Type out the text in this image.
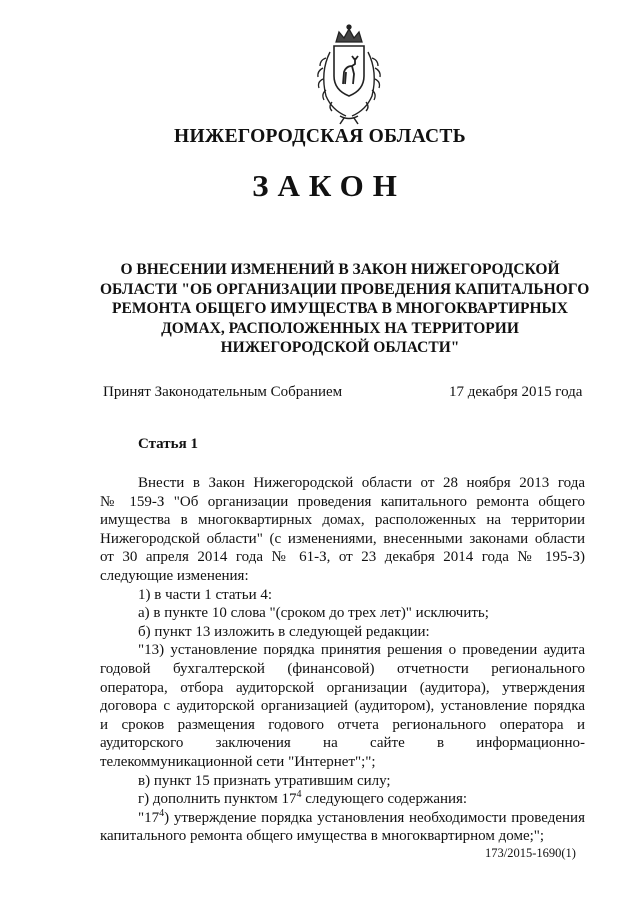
НИЖЕГОРОДСКАЯ ОБЛАСТЬ
ЗАКОН
О ВНЕСЕНИИ ИЗМЕНЕНИЙ В ЗАКОН НИЖЕГОРОДСКОЙ
ОБЛАСТИ "ОБ ОРГАНИЗАЦИИ ПРОВЕДЕНИЯ КАПИТАЛЬНОГО
РЕМОНТА ОБЩЕГО ИМУЩЕСТВА В МНОГОКВАРТИРНЫХ
ДОМАХ, РАСПОЛОЖЕННЫХ НА ТЕРРИТОРИИ
НИЖЕГОРОДСКОЙ ОБЛАСТИ"
Принят Законодательным Собранием	17 декабря 2015 года
Статья 1
Внести в Закон Нижегородской области от 28 ноября 2013 года
№ 159-З "Об организации проведения капитального ремонта общего
имущества в многоквартирных домах, расположенных на территории
Нижегородской области" (с изменениями, внесенными законами области
от 30 апреля 2014 года № 61-З, от 23 декабря 2014 года № 195-З)
следующие изменения:
1) в части 1 статьи 4:
а) в пункте 10 слова "(сроком до трех лет)" исключить;
б) пункт 13 изложить в следующей редакции:
"13) установление порядка принятия решения о проведении аудита
годовой бухгалтерской (финансовой) отчетности регионального
оператора, отбора аудиторской организации (аудитора), утверждения
договора с аудиторской организацией (аудитором), установление порядка
и сроков размещения годового отчета регионального оператора и
аудиторского заключения на сайте в информационно-
телекоммуникационной сети "Интернет";";
в) пункт 15 признать утратившим силу;
г) дополнить пунктом $17^4$ следующего содержания:
"$17^4$) утверждение порядка установления необходимости проведения
капитального ремонта общего имущества в многоквартирном доме;";
173/2015-1690(1)
